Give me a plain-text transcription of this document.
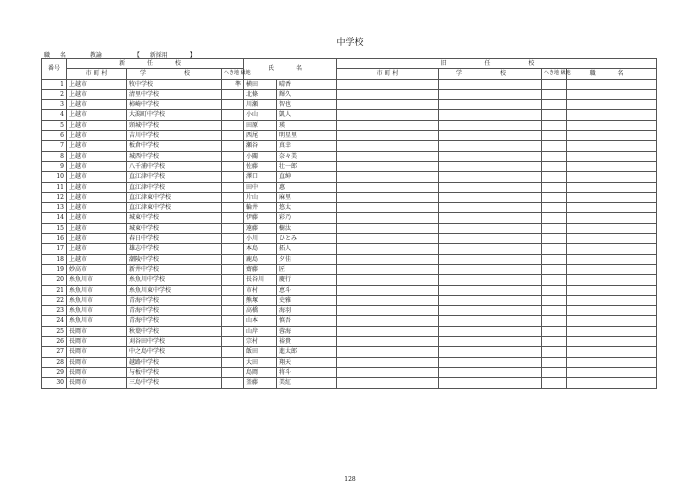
中学校
職 名	教諭	【 新採用	】
番号	新 任 校			氏 名		旧 任 校			
	市 町 村	学 校	へき地 級地			市 町 村	学 校	へき地 級地	職 名
1	上越市	牧中学校	準	横田	晴香				
2	上越市	清里中学校		北條	輝久				
3	上越市	柿崎中学校		川瀬	智也				
4	上越市	大潟町中学校		小山	凱人				
5	上越市	頸城中学校		田原	瑛				
6	上越市	吉川中学校		西尾	明星里				
7	上越市	板倉中学校		瀬谷	真幸				
8	上越市	城西中学校		小關	奈々美				
9	上越市	八千浦中学校		佐藤	壮一郎				
10	上越市	直江津中学校		澤口	直紳				
11	上越市	直江津中学校		田中	惠				
12	上越市	直江津東中学校		片山	麻里				
13	上越市	直江津東中学校		輪井	悠太				
14	上越市	城東中学校		伊藤	彩乃				
15	上越市	城東中学校		遠藤	樹汰				
16	上越市	春日中学校		小川	ひとみ				
17	上越市	雄志中学校		本島	拓人				
18	上越市	潮陵中学校		鹿島	夕佳				
19	妙高市	新井中学校		齋藤	匠				
20	糸魚川市	糸魚川中学校		長谷川	慶行				
21	糸魚川市	糸魚川東中学校		市村	恵斗				
22	糸魚川市	青海中学校		熊塚	史雅				
23	糸魚川市	青海中学校		高橋	海羽				
24	糸魚川市	青海中学校		山本	慎吾				
25	長岡市	秋葉中学校		山岸	蓉海				
26	長岡市	刈谷田中学校		宗村	裕貴				
27	長岡市	中之島中学校		飯田	進太郎				
28	長岡市	越路中学校		大田	翔天				
29	長岡市	与板中学校		島岡	将斗				
30	長岡市	三島中学校		釜藤	美紅				
128
